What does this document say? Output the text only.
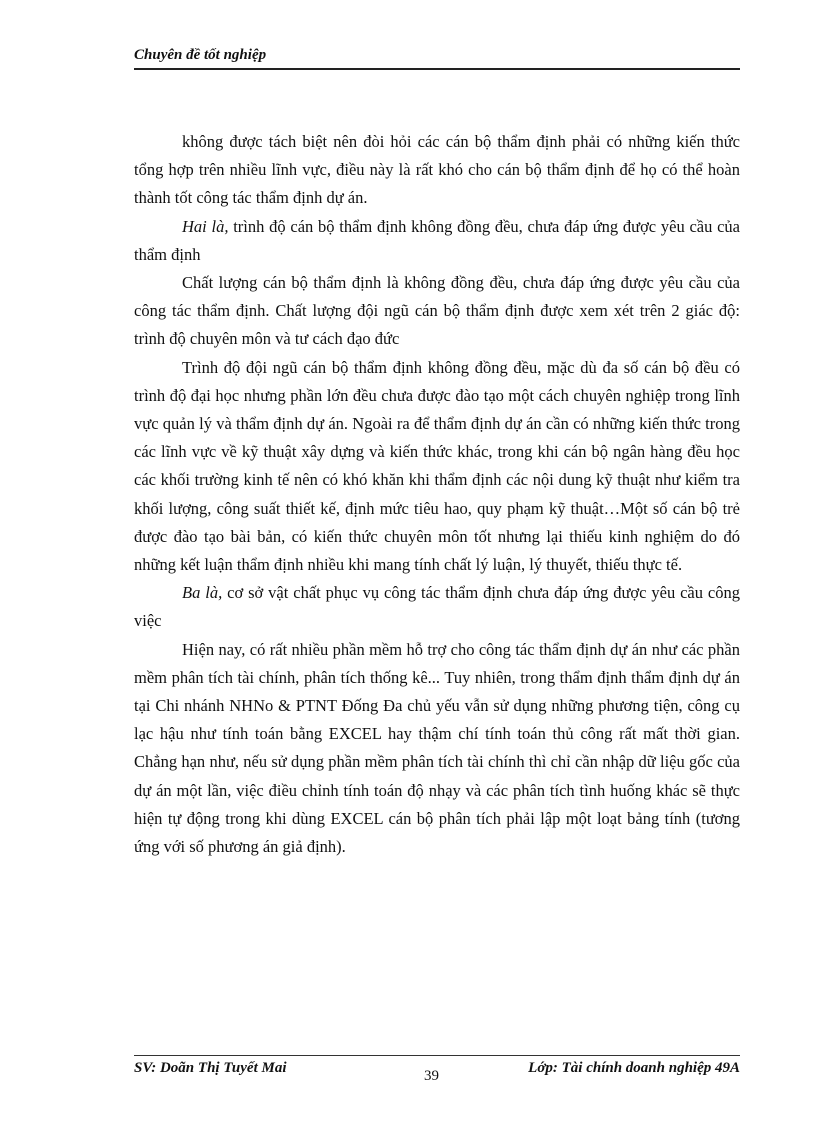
Chuyên đề tốt nghiệp

không được tách biệt nên đòi hỏi các cán bộ thẩm định phải có những kiến thức tổng hợp trên nhiều lĩnh vực, điều này là rất khó cho cán bộ thẩm định để họ có thể hoàn thành tốt công tác thẩm định dự án.

Hai là, trình độ cán bộ thẩm định không đồng đều, chưa đáp ứng được yêu cầu của thẩm định

Chất lượng cán bộ thẩm định là không đồng đều, chưa đáp ứng được yêu cầu của công tác thẩm định. Chất lượng đội ngũ cán bộ thẩm định được xem xét trên 2 giác độ: trình độ chuyên môn và tư cách đạo đức

Trình độ đội ngũ cán bộ thẩm định không đồng đều, mặc dù đa số cán bộ đều có trình độ đại học nhưng phần lớn đều chưa được đào tạo một cách chuyên nghiệp trong lĩnh vực quản lý và thẩm định dự án. Ngoài ra để thẩm định dự án cần có những kiến thức trong các lĩnh vực về kỹ thuật xây dựng và kiến thức khác, trong khi cán bộ ngân hàng đều học các khối trường kinh tế nên có khó khăn khi thẩm định các nội dung kỹ thuật như kiểm tra khối lượng, công suất thiết kế, định mức tiêu hao, quy phạm kỹ thuật…Một số cán bộ trẻ được đào tạo bài bản, có kiến thức chuyên môn tốt nhưng lại thiếu kinh nghiệm do đó những kết luận thẩm định nhiều khi mang tính chất lý luận, lý thuyết, thiếu thực tế.

Ba là, cơ sở vật chất phục vụ công tác thẩm định chưa đáp ứng được yêu cầu công việc

Hiện nay, có rất nhiều phần mềm hỗ trợ cho công tác thẩm định dự án như các phần mềm phân tích tài chính, phân tích thống kê... Tuy nhiên, trong thẩm định thẩm định dự án tại Chi nhánh NHNo & PTNT Đống Đa chủ yếu vẫn sử dụng những phương tiện, công cụ lạc hậu như tính toán bằng EXCEL hay thậm chí tính toán thủ công rất mất thời gian. Chẳng hạn như, nếu sử dụng phần mềm phân tích tài chính thì chỉ cần nhập dữ liệu gốc của dự án một lần, việc điều chỉnh tính toán độ nhạy và các phân tích tình huống khác sẽ thực hiện tự động trong khi dùng EXCEL cán bộ phân tích phải lập một loạt bảng tính (tương ứng với số phương án giả định).

SV: Doãn Thị Tuyết Mai	39	Lớp: Tài chính doanh nghiệp 49A
